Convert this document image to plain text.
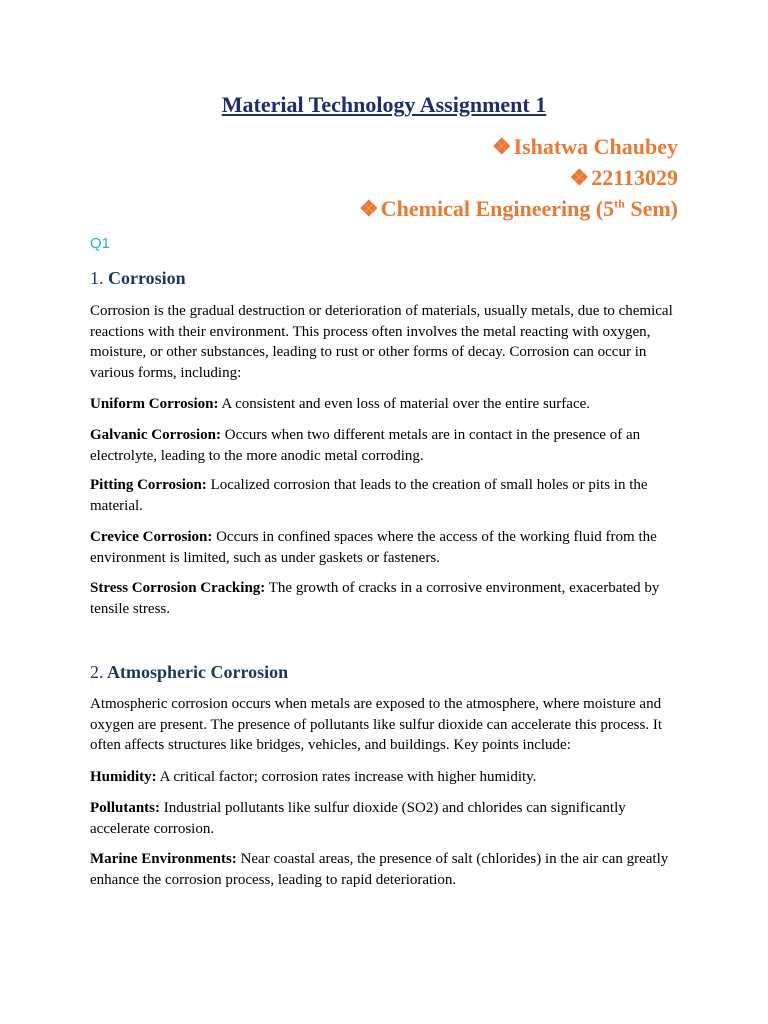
Material Technology Assignment 1
❖Ishatwa Chaubey
❖22113029
❖Chemical Engineering (5th Sem)
Q1
1. Corrosion
Corrosion is the gradual destruction or deterioration of materials, usually metals, due to chemical reactions with their environment. This process often involves the metal reacting with oxygen, moisture, or other substances, leading to rust or other forms of decay. Corrosion can occur in various forms, including:
Uniform Corrosion: A consistent and even loss of material over the entire surface.
Galvanic Corrosion: Occurs when two different metals are in contact in the presence of an electrolyte, leading to the more anodic metal corroding.
Pitting Corrosion: Localized corrosion that leads to the creation of small holes or pits in the material.
Crevice Corrosion: Occurs in confined spaces where the access of the working fluid from the environment is limited, such as under gaskets or fasteners.
Stress Corrosion Cracking: The growth of cracks in a corrosive environment, exacerbated by tensile stress.
2. Atmospheric Corrosion
Atmospheric corrosion occurs when metals are exposed to the atmosphere, where moisture and oxygen are present. The presence of pollutants like sulfur dioxide can accelerate this process. It often affects structures like bridges, vehicles, and buildings. Key points include:
Humidity: A critical factor; corrosion rates increase with higher humidity.
Pollutants: Industrial pollutants like sulfur dioxide (SO2) and chlorides can significantly accelerate corrosion.
Marine Environments: Near coastal areas, the presence of salt (chlorides) in the air can greatly enhance the corrosion process, leading to rapid deterioration.
